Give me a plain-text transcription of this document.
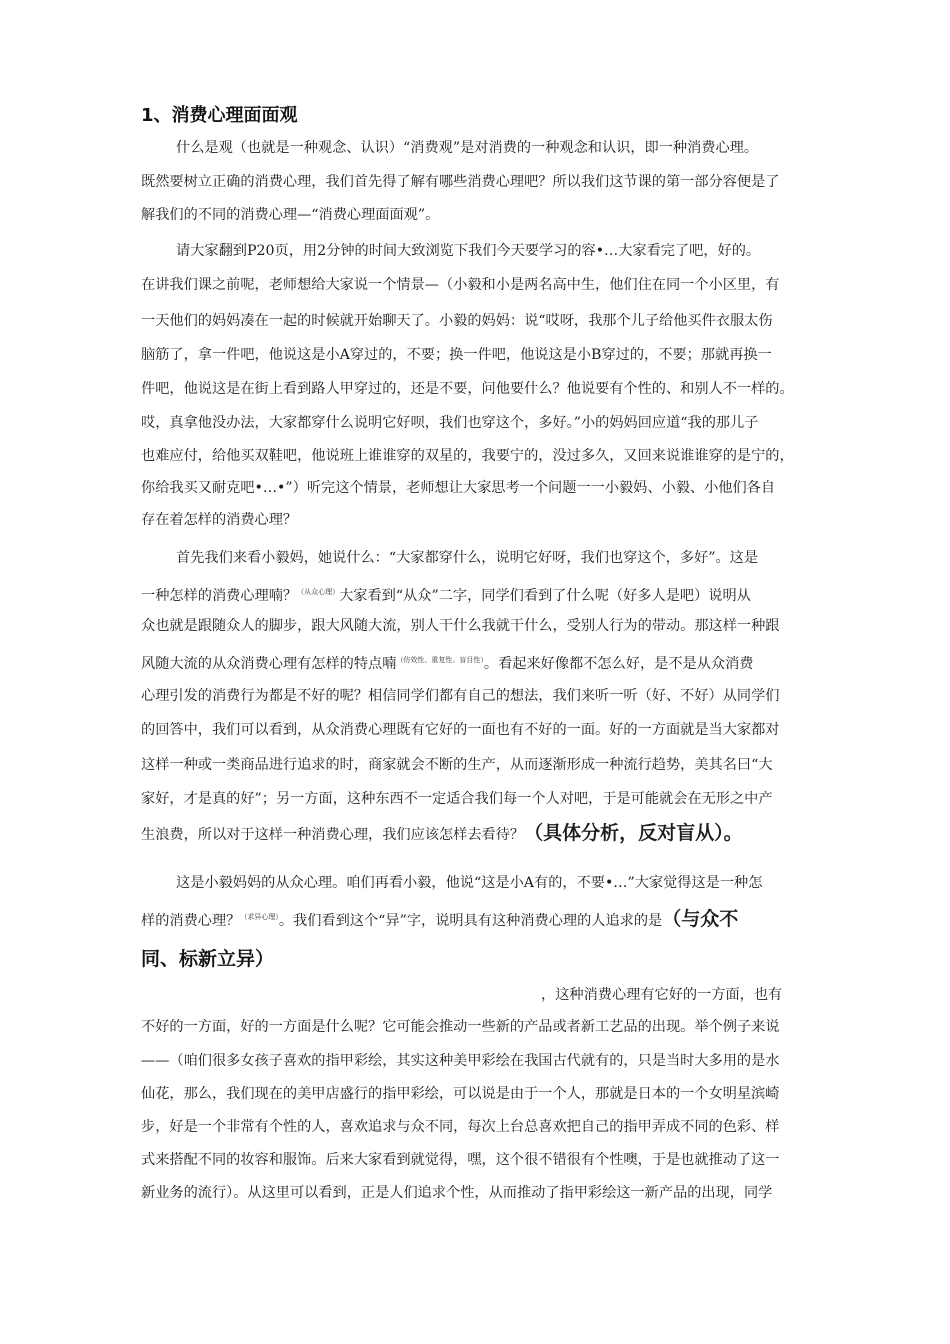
1、消费心理面面观
什么是观（也就是一种观念、认识）“消费观”是对消费的一种观念和认识，即一种消费心理。
既然要树立正确的消费心理，我们首先得了解有哪些消费心理吧？所以我们这节课的第一部分容便是了
解我们的不同的消费心理—“消费心理面面观”。
请大家翻到P20页，用2分钟的时间大致浏览下我们今天要学习的容•…大家看完了吧，好的。
在讲我们课之前呢，老师想给大家说一个情景—（小毅和小是两名高中生，他们住在同一个小区里，有
一天他们的妈妈凑在一起的时候就开始聊天了。小毅的妈妈：说“哎呀，我那个儿子给他买件衣服太伤
脑筋了，拿一件吧，他说这是小A穿过的，不要；换一件吧，他说这是小B穿过的，不要；那就再换一
件吧，他说这是在街上看到路人甲穿过的，还是不要，问他要什么？他说要有个性的、和别人不一样的。
哎，真拿他没办法，大家都穿什么说明它好呗，我们也穿这个，多好。”小的妈妈回应道“我的那儿子
也难应付，给他买双鞋吧，他说班上谁谁穿的双星的，我要宁的，没过多久，又回来说谁谁穿的是宁的，
你给我买又耐克吧•…•”）听完这个情景，老师想让大家思考一个问题一一小毅妈、小毅、小他们各自
存在着怎样的消费心理？
首先我们来看小毅妈，她说什么：“大家都穿什么，说明它好呀，我们也穿这个，多好”。这是
一种怎样的消费心理喃？$^{(从众心理)}$大家看到“从众”二字，同学们看到了什么呢（好多人是吧）说明从
众也就是跟随众人的脚步，跟大风随大流，别人干什么我就干什么，受别人行为的带动。那这样一种跟
风随大流的从众消费心理有怎样的特点喃$^{(仿效性、重复性、盲目性)}$。看起来好像都不怎么好，是不是从众消费
心理引发的消费行为都是不好的呢？相信同学们都有自己的想法，我们来听一听（好、不好）从同学们
的回答中，我们可以看到，从众消费心理既有它好的一面也有不好的一面。好的一方面就是当大家都对
这样一种或一类商品进行追求的时，商家就会不断的生产，从而逐渐形成一种流行趋势，美其名曰“大
家好，才是真的好”；另一方面，这种东西不一定适合我们每一个人对吧，于是可能就会在无形之中产
生浪费，所以对于这样一种消费心理，我们应该怎样去看待？（具体分析，反对盲从）。
这是小毅妈妈的从众心理。咱们再看小毅，他说“这是小A有的，不要•…”大家觉得这是一种怎
样的消费心理？$^{(求异心理)}$。我们看到这个“异”字，说明具有这种消费心理的人追求的是（与众不
同、标新立异）
，这种消费心理有它好的一方面，也有
不好的一方面，好的一方面是什么呢？它可能会推动一些新的产品或者新工艺品的出现。举个例子来说
——（咱们很多女孩子喜欢的指甲彩绘，其实这种美甲彩绘在我国古代就有的，只是当时大多用的是水
仙花，那么，我们现在的美甲店盛行的指甲彩绘，可以说是由于一个人，那就是日本的一个女明星滨崎
步，好是一个非常有个性的人，喜欢追求与众不同，每次上台总喜欢把自己的指甲弄成不同的色彩、样
式来搭配不同的妆容和服饰。后来大家看到就觉得，嘿，这个很不错很有个性噢，于是也就推动了这一
新业务的流行）。从这里可以看到，正是人们追求个性，从而推动了指甲彩绘这一新产品的出现，同学
